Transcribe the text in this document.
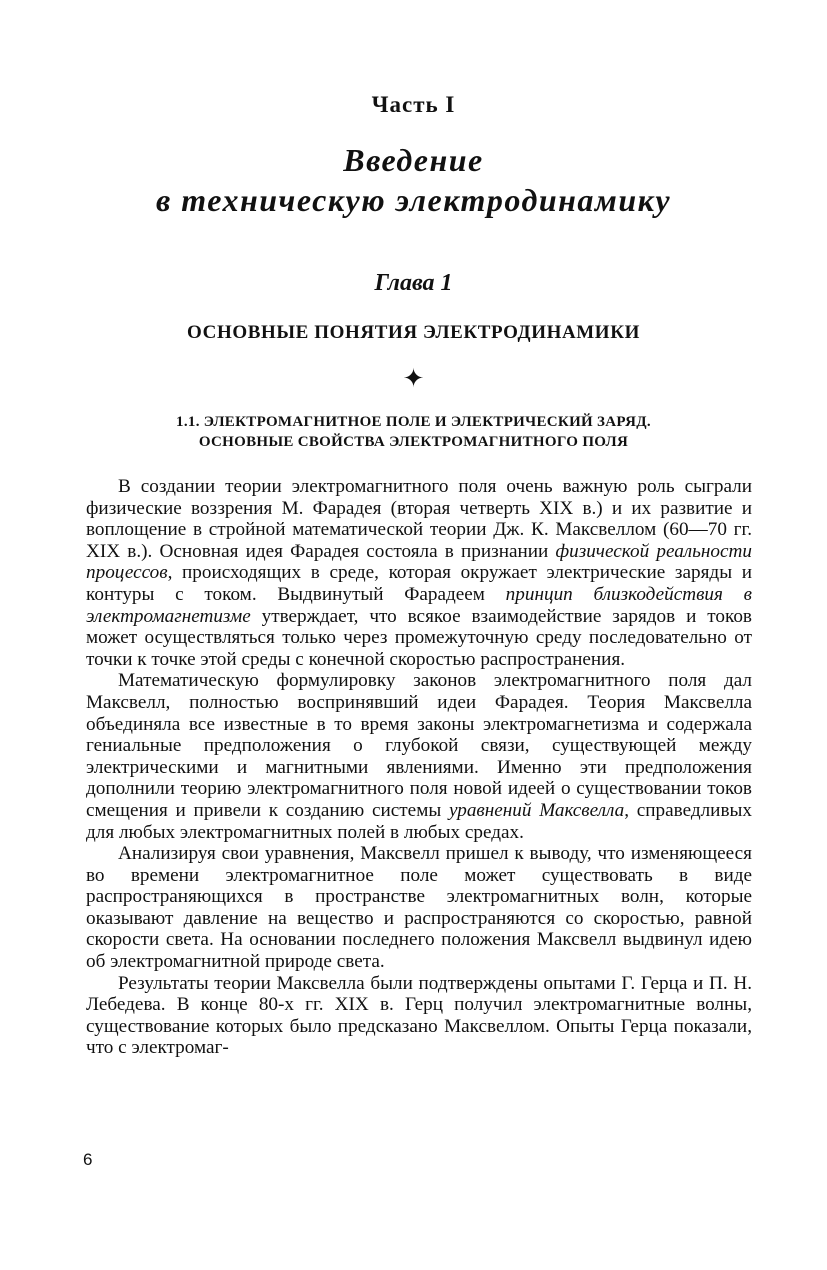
Часть I
Введение
в техническую электродинамику
Глава 1
ОСНОВНЫЕ ПОНЯТИЯ ЭЛЕКТРОДИНАМИКИ
✦
1.1. ЭЛЕКТРОМАГНИТНОЕ ПОЛЕ И ЭЛЕКТРИЧЕСКИЙ ЗАРЯД.
ОСНОВНЫЕ СВОЙСТВА ЭЛЕКТРОМАГНИТНОГО ПОЛЯ

В создании теории электромагнитного поля очень важную роль сыграли физические воззрения М. Фарадея (вторая четверть XIX в.) и их развитие и воплощение в стройной математической теории Дж. К. Максвеллом (60—70 гг. XIX в.). Основная идея Фарадея состояла в признании физической реальности процессов, происходящих в среде, которая окружает электрические заряды и контуры с током. Выдвинутый Фарадеем принцип близкодействия в электромагнетизме утверждает, что всякое взаимодействие зарядов и токов может осуществляться только через промежуточную среду последовательно от точки к точке этой среды с конечной скоростью распространения.

Математическую формулировку законов электромагнитного поля дал Максвелл, полностью воспринявший идеи Фарадея. Теория Максвелла объединяла все известные в то время законы электромагнетизма и содержала гениальные предположения о глубокой связи, существующей между электрическими и магнитными явлениями. Именно эти предположения дополнили теорию электромагнитного поля новой идеей о существовании токов смещения и привели к созданию системы уравнений Максвелла, справедливых для любых электромагнитных полей в любых средах.

Анализируя свои уравнения, Максвелл пришел к выводу, что изменяющееся во времени электромагнитное поле может существовать в виде распространяющихся в пространстве электромагнитных волн, которые оказывают давление на вещество и распространяются со скоростью, равной скорости света. На основании последнего положения Максвелл выдвинул идею об электромагнитной природе света.

Результаты теории Максвелла были подтверждены опытами Г. Герца и П. Н. Лебедева. В конце 80-х гг. XIX в. Герц получил электромагнитные волны, существование которых было предсказано Максвеллом. Опыты Герца показали, что с электромаг-

6
